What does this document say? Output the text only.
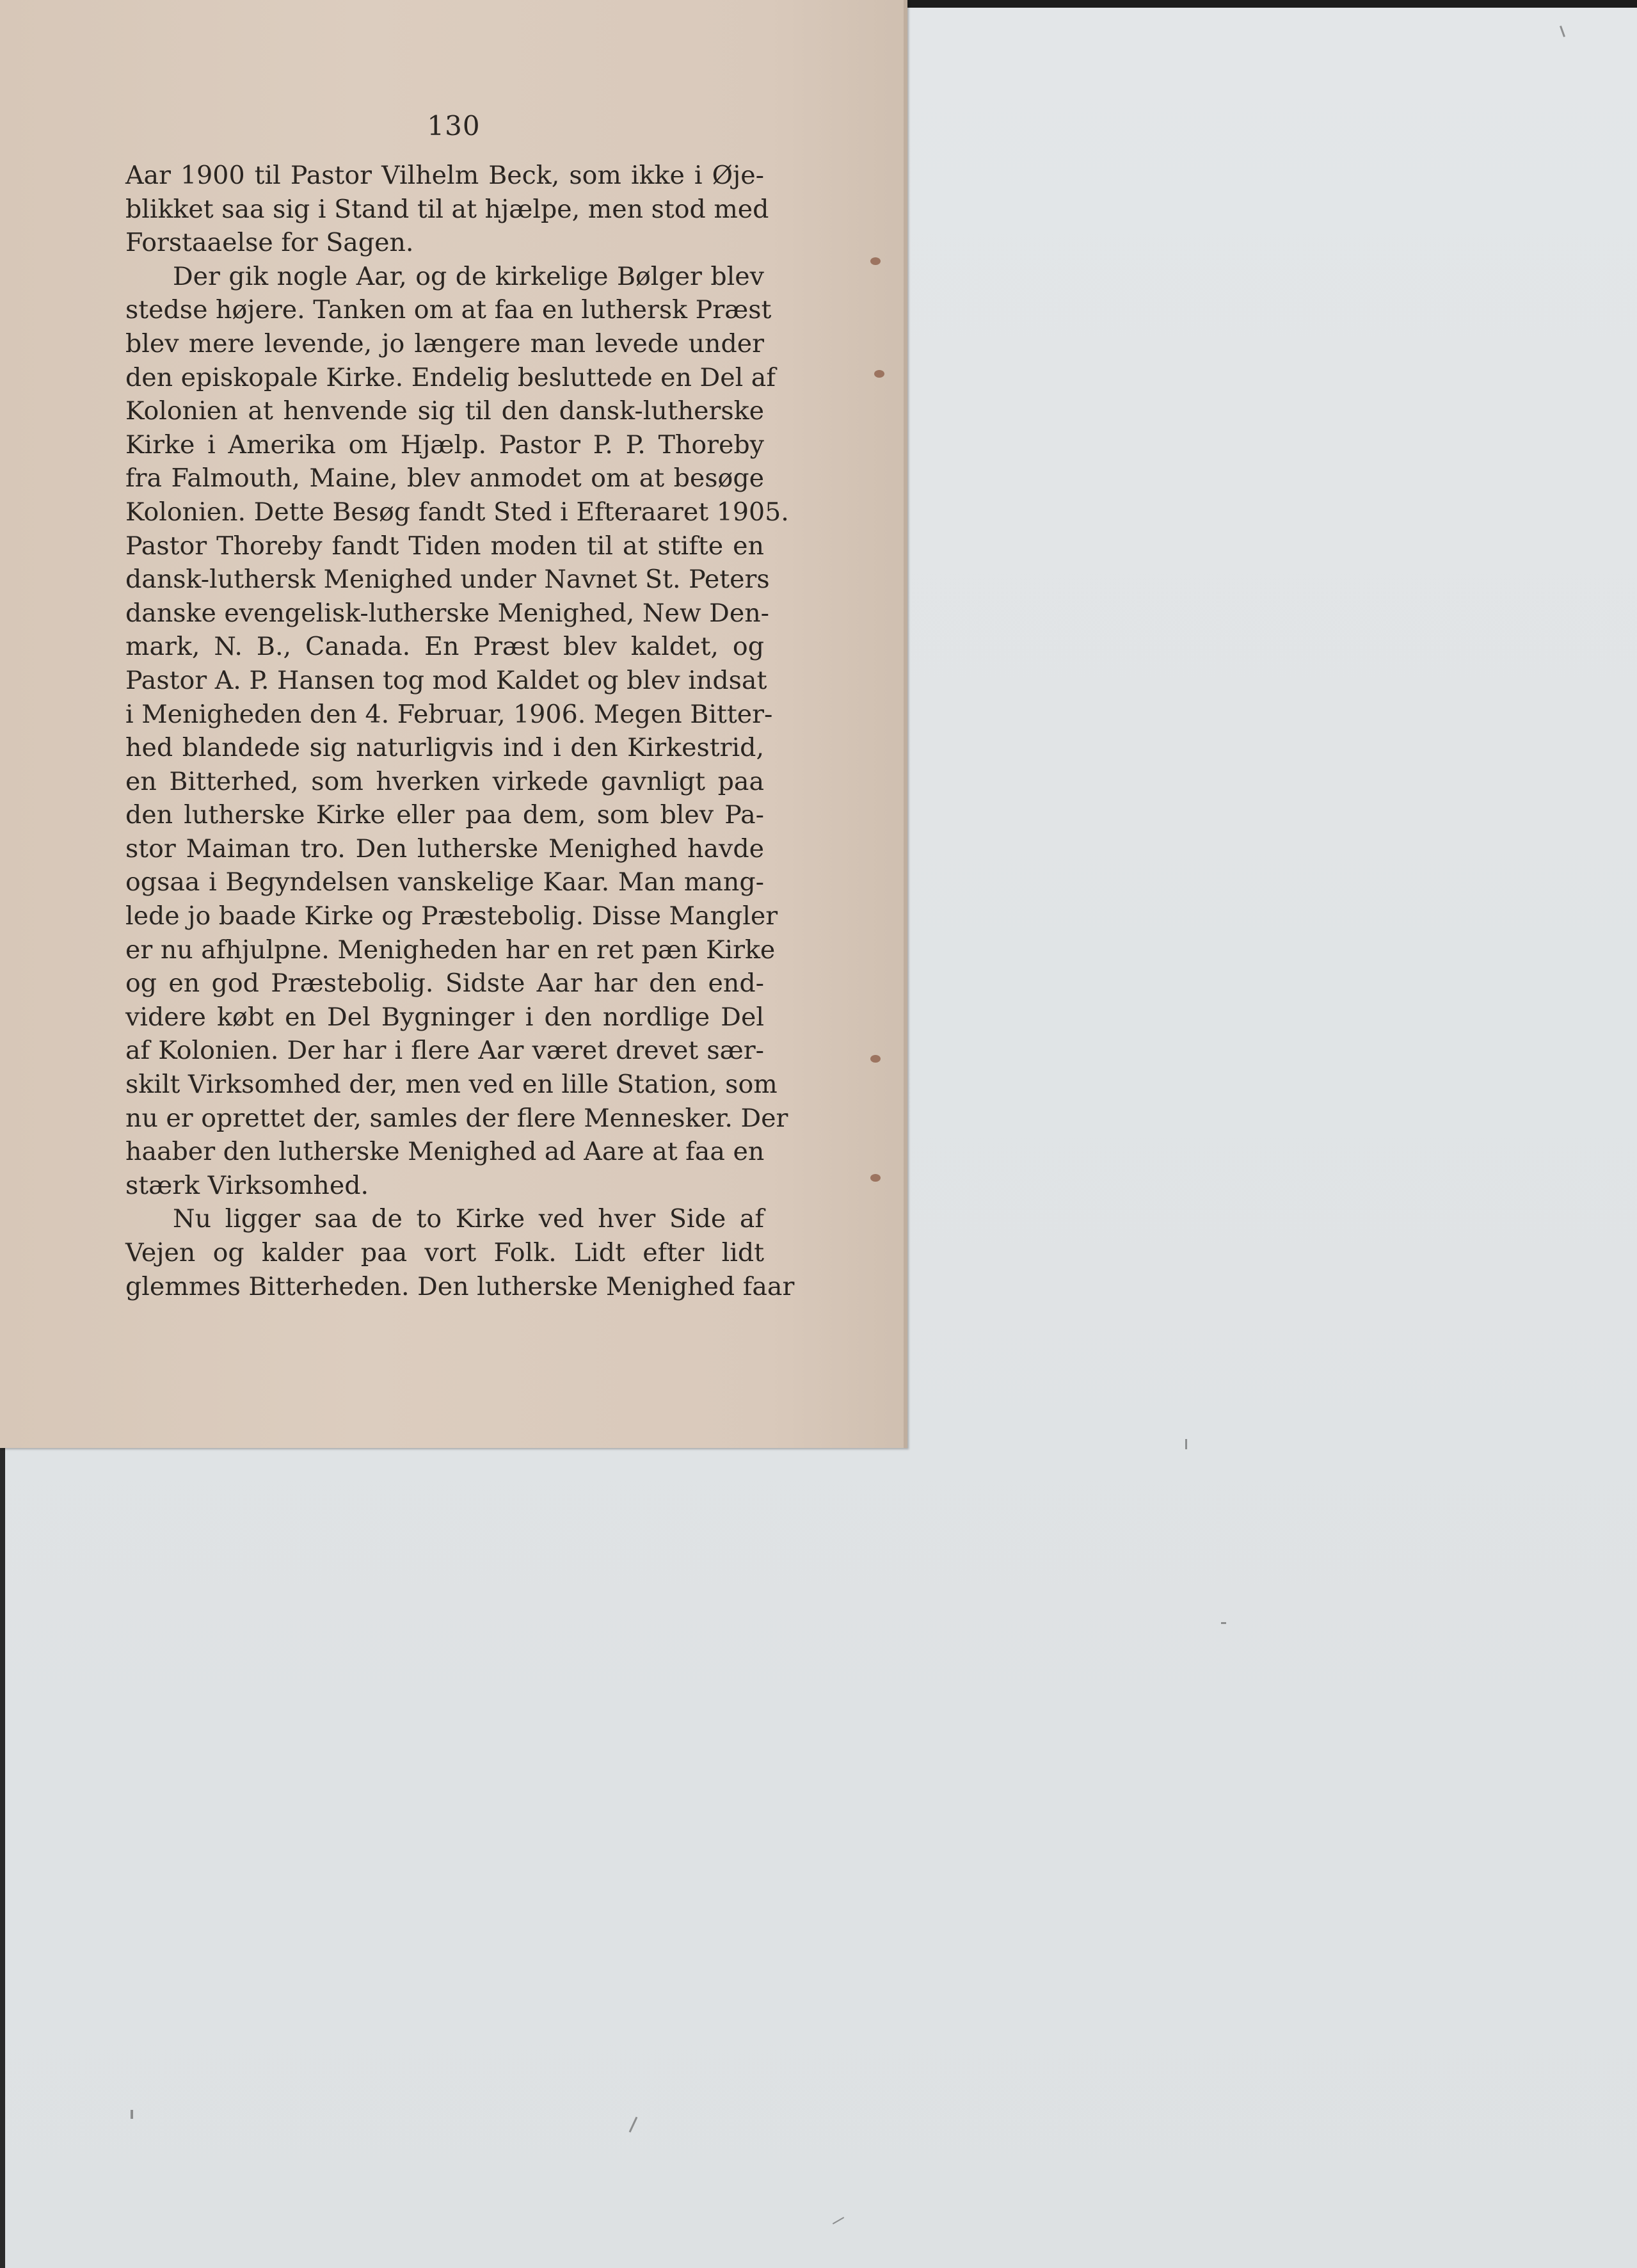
130
Aar 1900 til Pastor Vilhelm Beck, som ikke i Øje-
blikket saa sig i Stand til at hjælpe, men stod med
Forstaaelse for Sagen.
Der gik nogle Aar, og de kirkelige Bølger blev
stedse højere. Tanken om at faa en luthersk Præst
blev mere levende, jo længere man levede under
den episkopale Kirke. Endelig besluttede en Del af
Kolonien at henvende sig til den dansk-lutherske
Kirke i Amerika om Hjælp. Pastor P. P. Thoreby
fra Falmouth, Maine, blev anmodet om at besøge
Kolonien. Dette Besøg fandt Sted i Efteraaret 1905.
Pastor Thoreby fandt Tiden moden til at stifte en
dansk-luthersk Menighed under Navnet St. Peters
danske evengelisk-lutherske Menighed, New Den-
mark, N. B., Canada. En Præst blev kaldet, og
Pastor A. P. Hansen tog mod Kaldet og blev indsat
i Menigheden den 4. Februar, 1906. Megen Bitter-
hed blandede sig naturligvis ind i den Kirkestrid,
en Bitterhed, som hverken virkede gavnligt paa
den lutherske Kirke eller paa dem, som blev Pa-
stor Maiman tro. Den lutherske Menighed havde
ogsaa i Begyndelsen vanskelige Kaar. Man mang-
lede jo baade Kirke og Præstebolig. Disse Mangler
er nu afhjulpne. Menigheden har en ret pæn Kirke
og en god Præstebolig. Sidste Aar har den end-
videre købt en Del Bygninger i den nordlige Del
af Kolonien. Der har i flere Aar været drevet sær-
skilt Virksomhed der, men ved en lille Station, som
nu er oprettet der, samles der flere Mennesker. Der
haaber den lutherske Menighed ad Aare at faa en
stærk Virksomhed.
Nu ligger saa de to Kirke ved hver Side af
Vejen og kalder paa vort Folk. Lidt efter lidt
glemmes Bitterheden. Den lutherske Menighed faar
